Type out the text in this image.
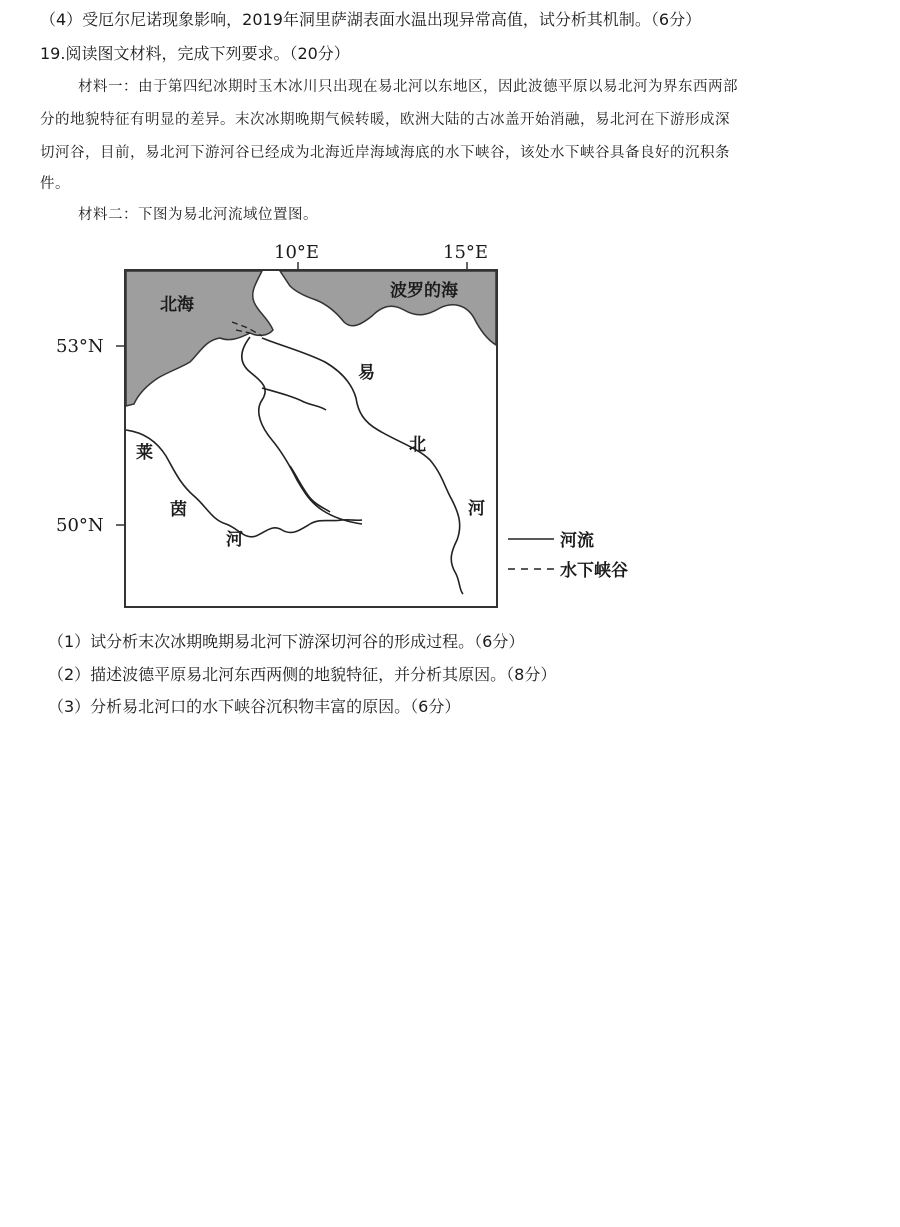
（4）受厄尔尼诺现象影响，2019年洞里萨湖表面水温出现异常高值，试分析其机制。（6分）
19.阅读图文材料，完成下列要求。（20分）
材料一：由于第四纪冰期时玉木冰川只出现在易北河以东地区，因此波德平原以易北河为界东西两部
分的地貌特征有明显的差异。末次冰期晚期气候转暖，欧洲大陆的古冰盖开始消融，易北河在下游形成深
切河谷，目前，易北河下游河谷已经成为北海近岸海域海底的水下峡谷，该处水下峡谷具备良好的沉积条
件。
材料二：下图为易北河流域位置图。
10°E	15°E
53°N
50°N
北海
波罗的海
易
北
河
莱
茵
河	河流
水下峡谷
（1）试分析末次冰期晚期易北河下游深切河谷的形成过程。（6分）
（2）描述波德平原易北河东西两侧的地貌特征，并分析其原因。（8分）
（3）分析易北河口的水下峡谷沉积物丰富的原因。（6分）
